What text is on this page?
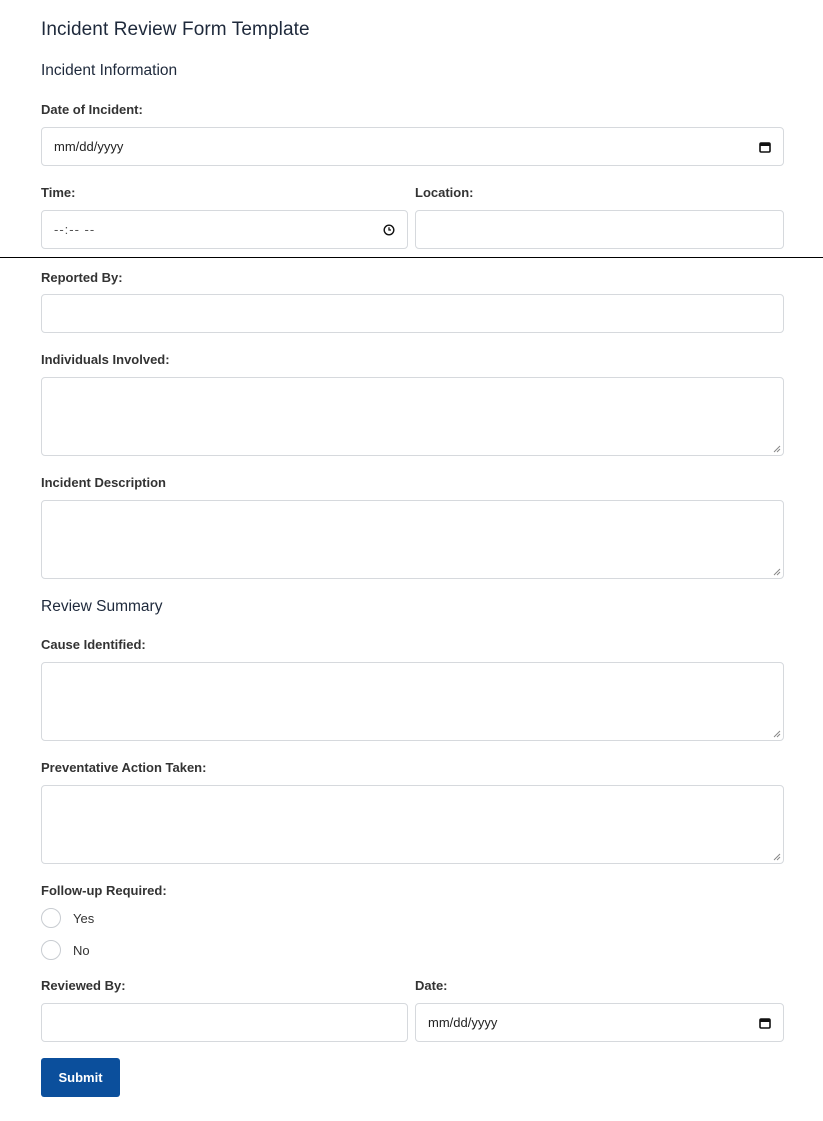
Incident Review Form Template
Incident Information
Date of Incident:
mm/dd/yyyy
Time:	Location:
--:-- --
Reported By:
Individuals Involved:
Incident Description
Review Summary
Cause Identified:
Preventative Action Taken:
Follow-up Required:
Yes
No
Reviewed By:	Date:
mm/dd/yyyy
Submit
